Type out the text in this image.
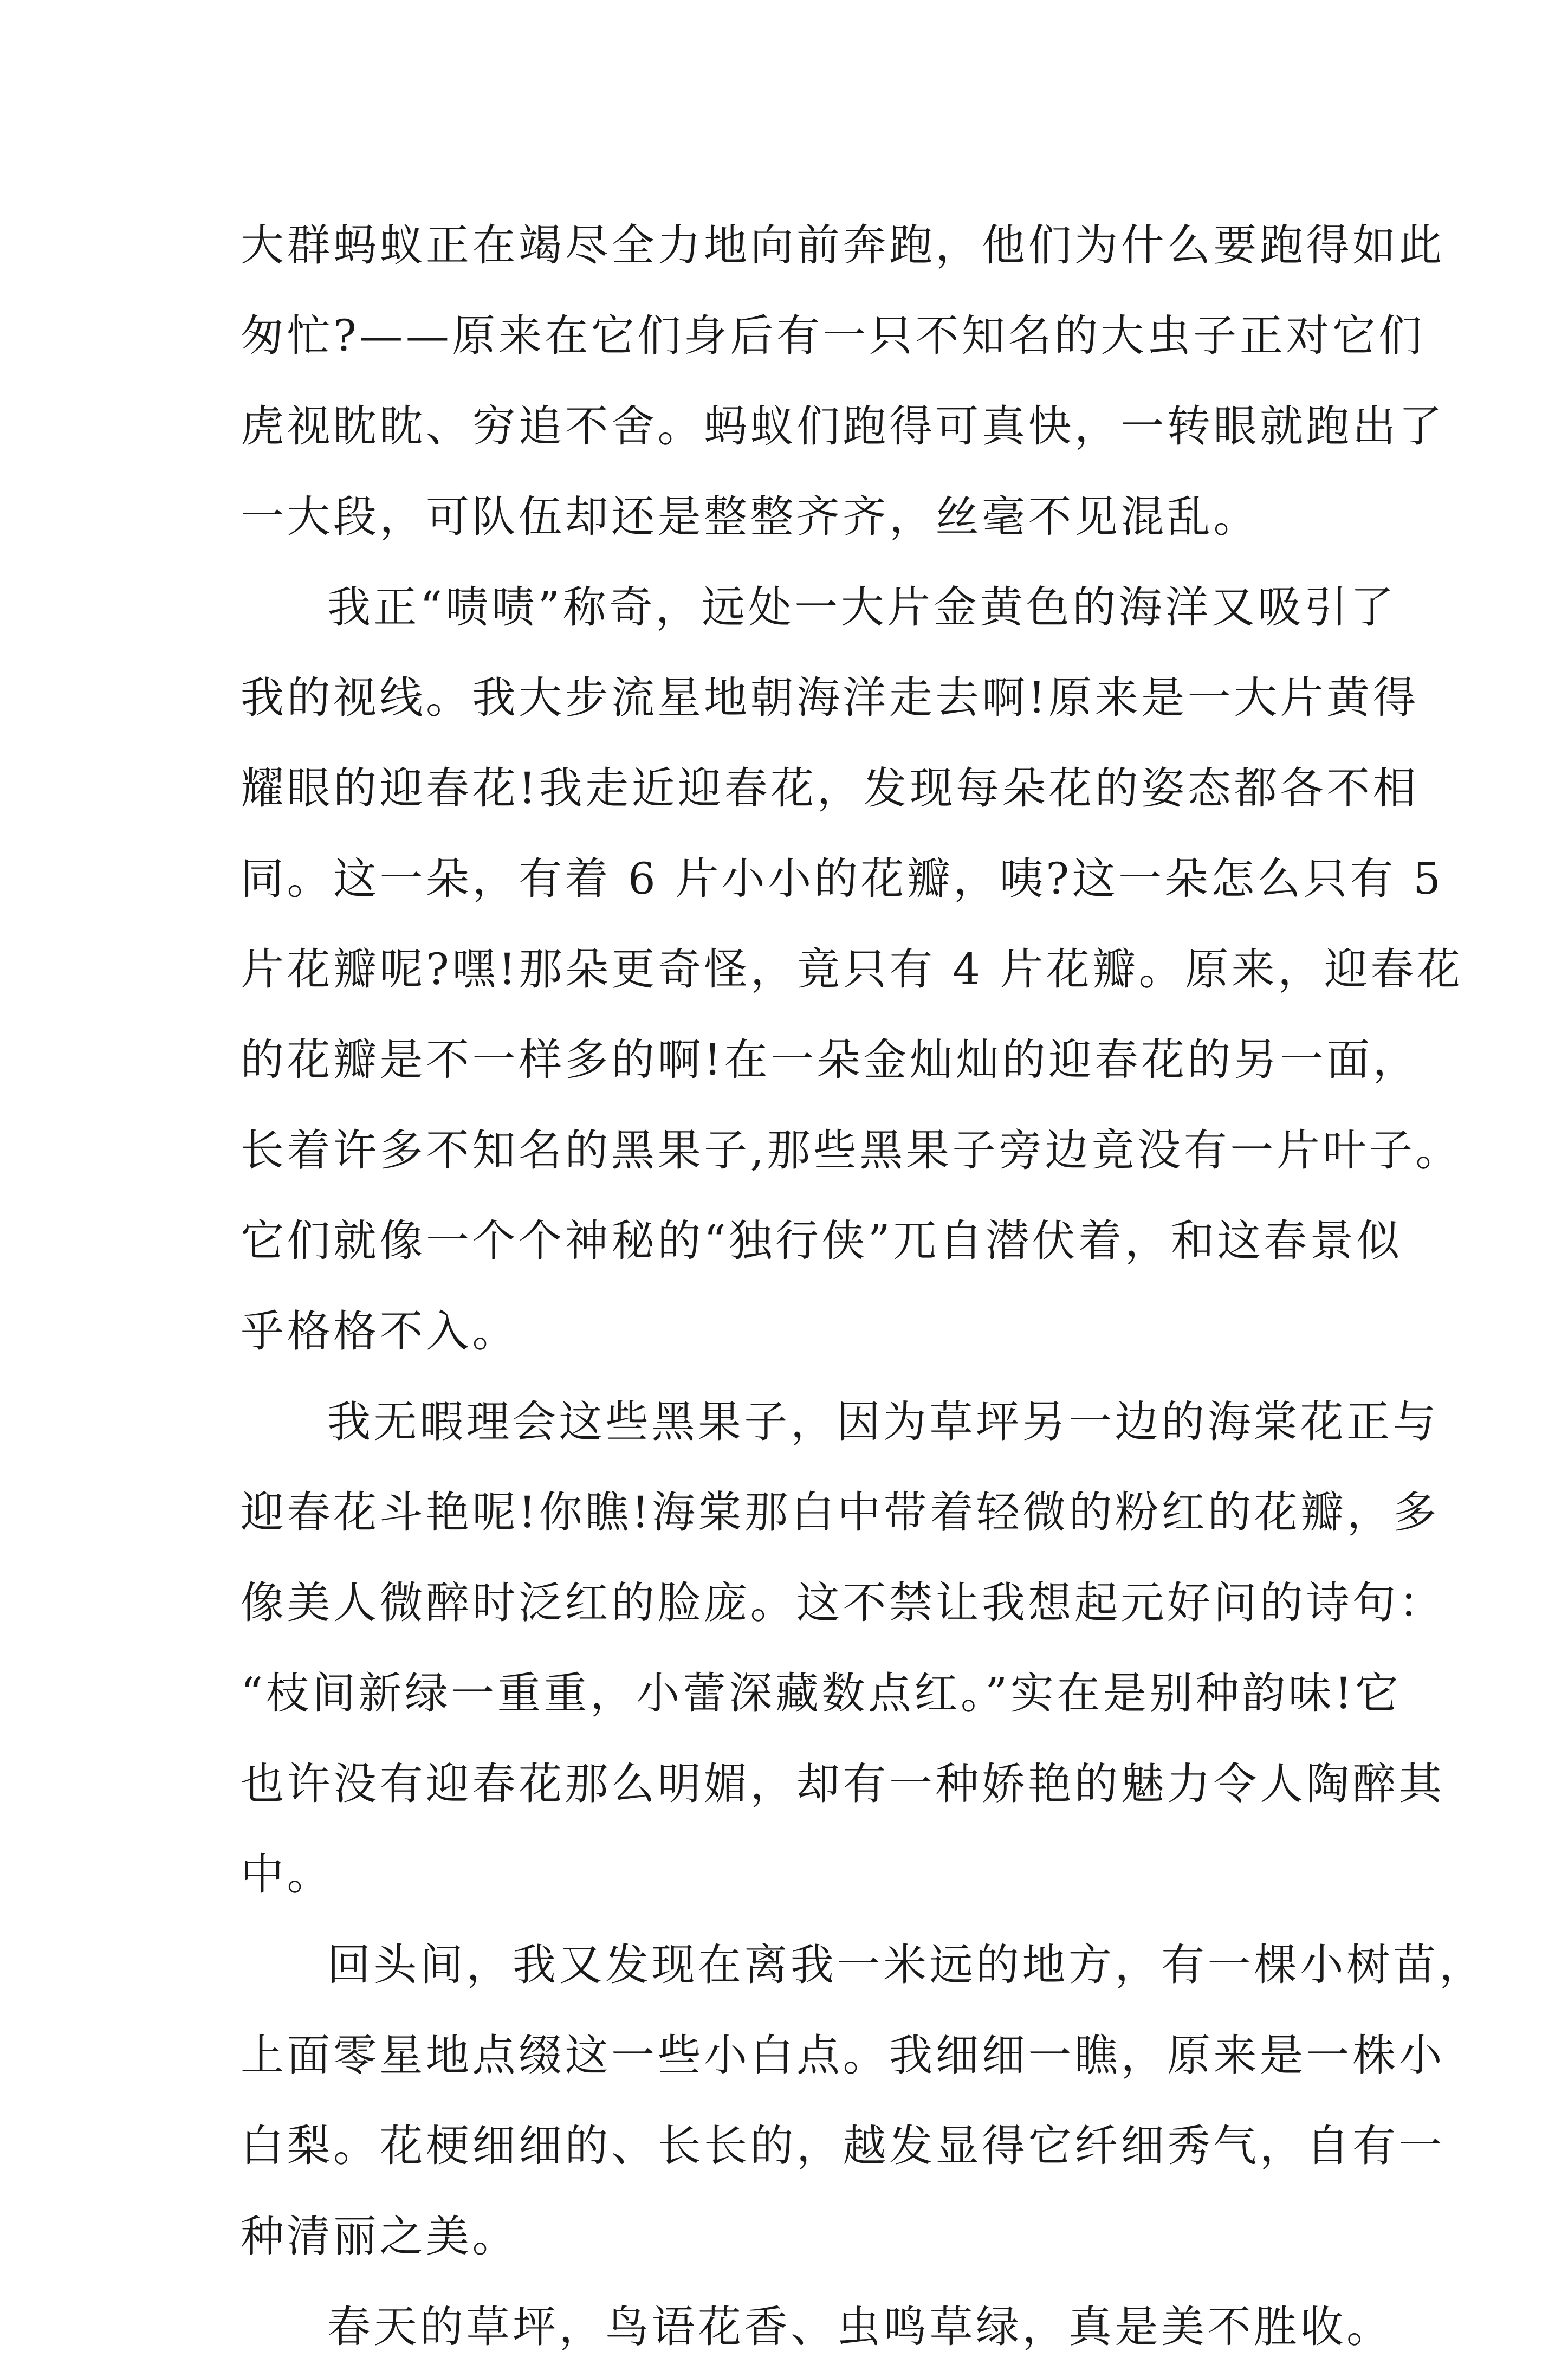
大群蚂蚁正在竭尽全力地向前奔跑，他们为什么要跑得如此
匆忙?——原来在它们身后有一只不知名的大虫子正对它们
虎视眈眈、穷追不舍。蚂蚁们跑得可真快，一转眼就跑出了
一大段，可队伍却还是整整齐齐，丝毫不见混乱。
我正“啧啧”称奇，远处一大片金黄色的海洋又吸引了
我的视线。我大步流星地朝海洋走去啊!原来是一大片黄得
耀眼的迎春花!我走近迎春花，发现每朵花的姿态都各不相
同。这一朵，有着 6 片小小的花瓣，咦?这一朵怎么只有 5
片花瓣呢?嘿!那朵更奇怪，竟只有 4 片花瓣。原来，迎春花
的花瓣是不一样多的啊!在一朵金灿灿的迎春花的另一面，
长着许多不知名的黑果子,那些黑果子旁边竟没有一片叶子。
它们就像一个个神秘的“独行侠”兀自潜伏着，和这春景似
乎格格不入。
我无暇理会这些黑果子，因为草坪另一边的海棠花正与
迎春花斗艳呢!你瞧!海棠那白中带着轻微的粉红的花瓣，多
像美人微醉时泛红的脸庞。这不禁让我想起元好问的诗句：
“枝间新绿一重重，小蕾深藏数点红。”实在是别种韵味!它
也许没有迎春花那么明媚，却有一种娇艳的魅力令人陶醉其
中。
回头间，我又发现在离我一米远的地方，有一棵小树苗，
上面零星地点缀这一些小白点。我细细一瞧，原来是一株小
白梨。花梗细细的、长长的，越发显得它纤细秀气，自有一
种清丽之美。
春天的草坪，鸟语花香、虫鸣草绿，真是美不胜收。
